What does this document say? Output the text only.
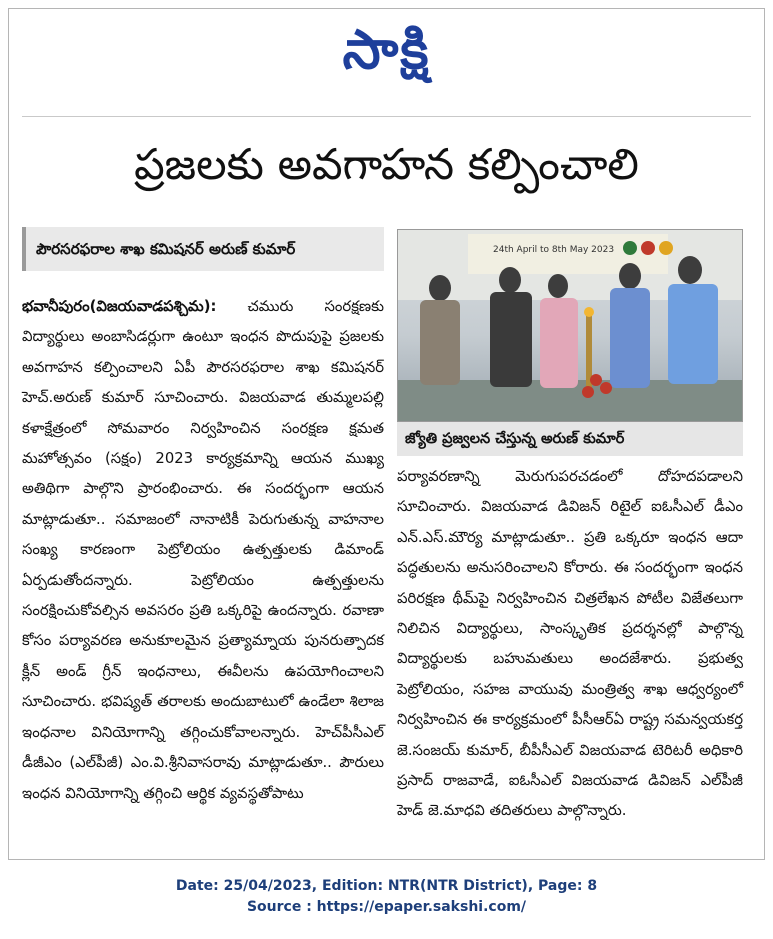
సాక్షి
ప్రజలకు అవగాహన కల్పించాలి
పౌరసరఫరాల శాఖ కమిషనర్ అరుణ్ కుమార్

భవానీపురం(విజయవాడపశ్చిమ): చమురు సంరక్షణకు విద్యార్థులు అంబాసిడర్లుగా ఉంటూ ఇంధన పొదుపుపై ప్రజలకు అవగాహన కల్పించాలని ఏపీ పౌరసరఫరాల శాఖ కమిషనర్ హెచ్.అరుణ్ కుమార్ సూచించారు. విజయవాడ తుమ్మలపల్లి కళాక్షేత్రంలో సోమవారం నిర్వహించిన సంరక్షణ క్షమత మహోత్సవం (సక్షం) 2023 కార్యక్రమాన్ని ఆయన ముఖ్య అతిథిగా పాల్గొని ప్రారంభించారు. ఈ సందర్భంగా ఆయన మాట్లాడుతూ.. సమాజంలో నానాటికీ పెరుగుతున్న వాహనాల సంఖ్య కారణంగా పెట్రోలియం ఉత్పత్తులకు డిమాండ్ ఏర్పడుతోందన్నారు. పెట్రోలియం ఉత్పత్తులను సంరక్షించుకోవల్సిన అవసరం ప్రతి ఒక్కరిపై ఉందన్నారు. రవాణా కోసం పర్యావరణ అనుకూలమైన ప్రత్యామ్నాయ పునరుత్పాదక క్లీన్ అండ్ గ్రీన్ ఇంధనాలు, ఈవీలను ఉపయోగించాలని సూచించారు. భవిష్యత్ తరాలకు అందుబాటులో ఉండేలా శిలాజ ఇంధనాల వినియోగాన్ని తగ్గించుకోవాలన్నారు. హెచ్‌పీసీఎల్ డీజీఎం (ఎల్‌పీజీ) ఎం.వి.శ్రీనివాసరావు మాట్లాడుతూ.. పౌరులు ఇంధన వినియోగాన్ని తగ్గించి ఆర్థిక వ్యవస్థతోపాటు

24th April to 8th May 2023
జ్యోతి ప్రజ్వలన చేస్తున్న అరుణ్ కుమార్

పర్యావరణాన్ని మెరుగుపరచడంలో దోహదపడాలని సూచించారు. విజయవాడ డివిజన్ రిటైల్ ఐఓసీఎల్ డీఎం ఎన్.ఎస్.మౌర్య మాట్లాడుతూ.. ప్రతి ఒక్కరూ ఇంధన ఆదా పద్ధతులను అనుసరించాలని కోరారు. ఈ సందర్భంగా ఇంధన పరిరక్షణ థీమ్‌పై నిర్వహించిన చిత్రలేఖన పోటీల విజేతలుగా నిలిచిన విద్యార్థులు, సాంస్కృతిక ప్రదర్శనల్లో పాల్గొన్న విద్యార్థులకు బహుమతులు అందజేశారు. ప్రభుత్వ పెట్రోలియం, సహజ వాయువు మంత్రిత్వ శాఖ ఆధ్వర్యంలో నిర్వహించిన ఈ కార్యక్రమంలో పీసీఆర్ఏ రాష్ట్ర సమన్వయకర్త జె.సంజయ్ కుమార్, బీపీసీఎల్ విజయవాడ టెరిటరీ అధికారి ప్రసాద్ రాజవాడే, ఐఓసీఎల్ విజయవాడ డివిజన్ ఎల్‌పీజీ హెడ్ జె.మాధవి తదితరులు పాల్గొన్నారు.

Date: 25/04/2023, Edition: NTR(NTR District), Page: 8
Source : https://epaper.sakshi.com/
